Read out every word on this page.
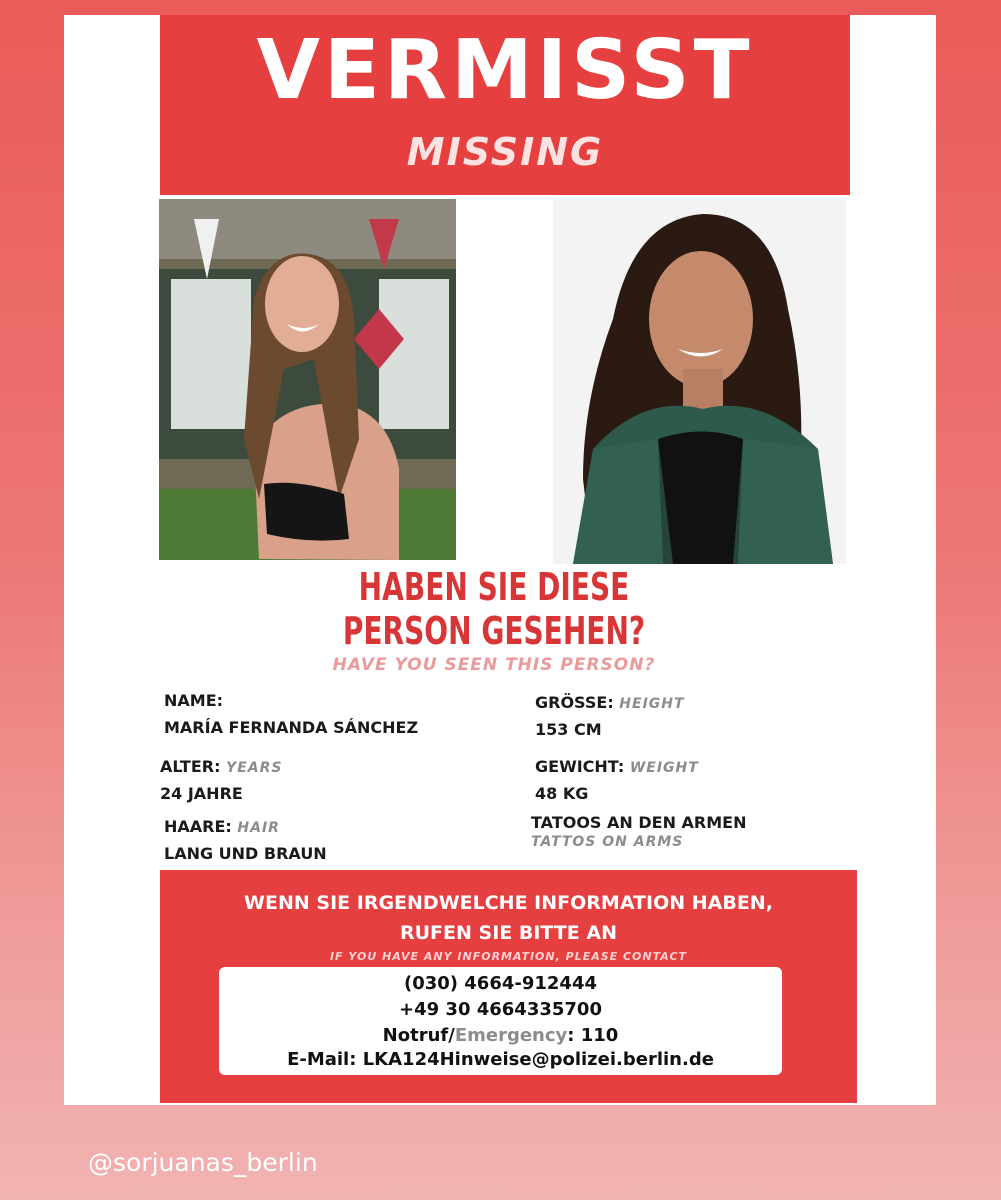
VERMISST
MISSING
HABEN SIE DIESE
PERSON GESEHEN?
HAVE YOU SEEN THIS PERSON?
NAME:
MARÍA FERNANDA SÁNCHEZ
ALTER: YEARS
24 JAHRE
HAARE: HAIR
LANG UND BRAUN
GRÖSSE: HEIGHT
153 CM
GEWICHT: WEIGHT
48 KG
TATOOS AN DEN ARMEN
TATTOS ON ARMS
WENN SIE IRGENDWELCHE INFORMATION HABEN,
RUFEN SIE BITTE AN
IF YOU HAVE ANY INFORMATION, PLEASE CONTACT
(030) 4664-912444
+49 30 4664335700
Notruf/Emergency: 110
E-Mail: LKA124Hinweise@polizei.berlin.de
@sorjuanas_berlin
